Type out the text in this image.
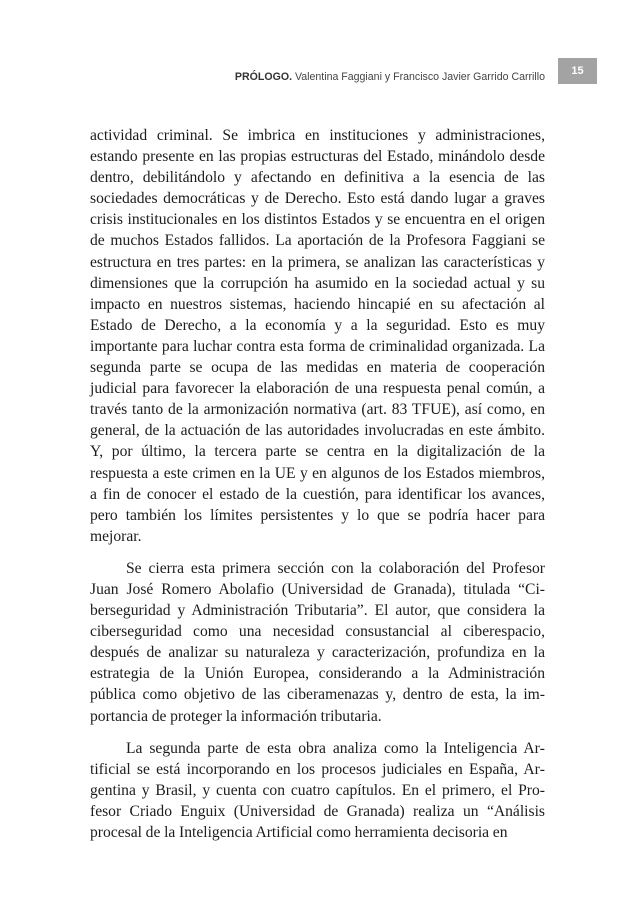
PRÓLOGO. Valentina Faggiani y Francisco Javier Garrido Carrillo	15

actividad criminal. Se imbrica en instituciones y administraciones, estando presente en las propias estructuras del Estado, minándolo desde dentro, debilitándolo y afectando en definitiva a la esencia de las sociedades democráticas y de Derecho. Esto está dando lugar a graves crisis institucionales en los distintos Estados y se encuentra en el origen de muchos Estados fallidos. La aportación de la Profesora Faggiani se estructura en tres partes: en la primera, se analizan las características y dimensiones que la corrupción ha asumido en la sociedad actual y su impacto en nuestros sistemas, haciendo hincapié en su afectación al Estado de Derecho, a la economía y a la seguridad. Esto es muy importante para luchar contra esta forma de criminalidad organizada. La segunda parte se ocupa de las medidas en materia de cooperación judicial para favorecer la elaboración de una respuesta penal común, a través tanto de la armonización normativa (art. 83 TFUE), así como, en general, de la actuación de las autoridades involucradas en este ámbito. Y, por último, la tercera parte se centra en la digitalización de la respuesta a este crimen en la UE y en algunos de los Estados miembros, a fin de conocer el estado de la cuestión, para identificar los avances, pero también los límites persistentes y lo que se podría hacer para mejorar.

Se cierra esta primera sección con la colaboración del Profesor Juan José Romero Abolafio (Universidad de Granada), titulada “Ciberseguridad y Administración Tributaria”. El autor, que considera la ciberseguridad como una necesidad consustancial al ciberespacio, después de analizar su naturaleza y caracterización, profundiza en la estrategia de la Unión Europea, considerando a la Administración pública como objetivo de las ciberamenazas y, dentro de esta, la importancia de proteger la información tributaria.

La segunda parte de esta obra analiza como la Inteligencia Artificial se está incorporando en los procesos judiciales en España, Argentina y Brasil, y cuenta con cuatro capítulos. En el primero, el Profesor Criado Enguix (Universidad de Granada) realiza un “Análisis procesal de la Inteligencia Artificial como herramienta decisoria en
